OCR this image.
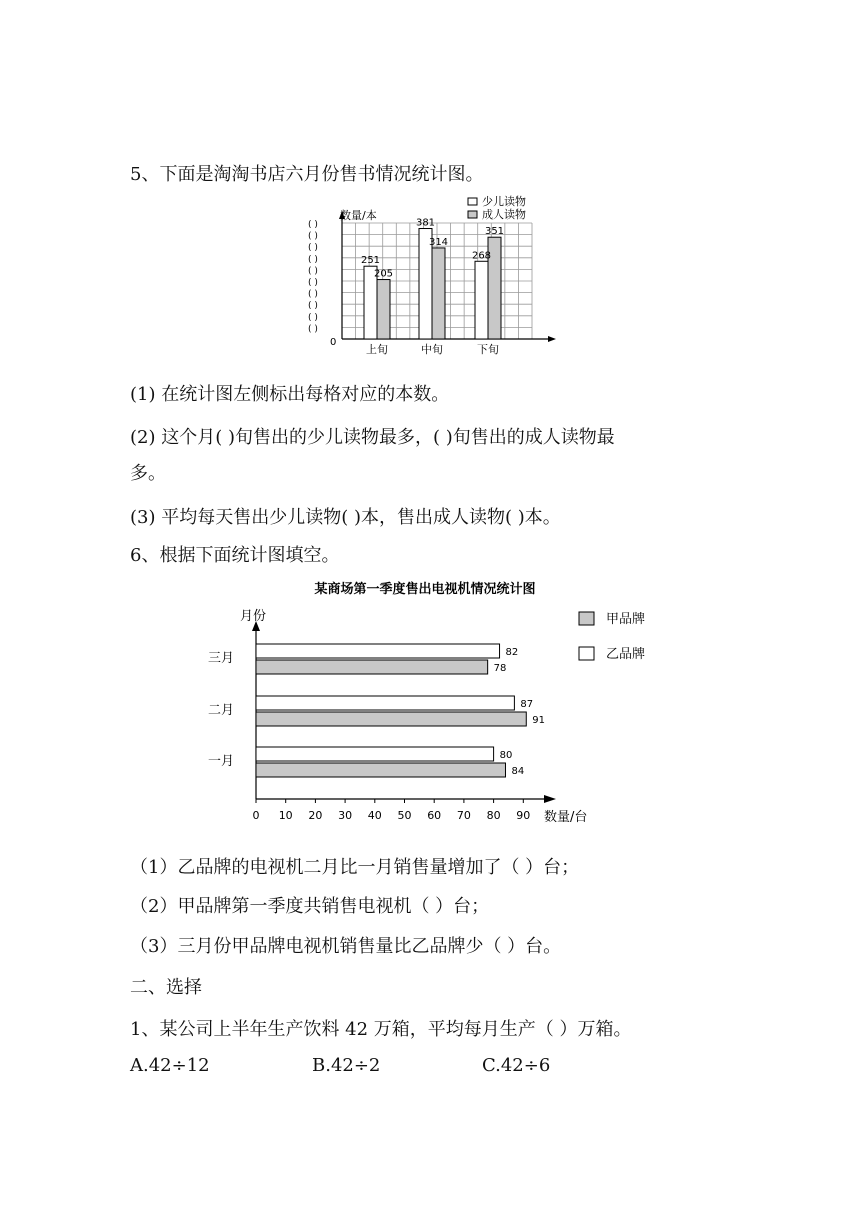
5、下面是淘淘书店六月份售书情况统计图。
数量/本
0
( )
( )
( )
( )
( )
( )
( )
( )
( )
( )
251
205
上旬
381
314
中旬
268
351
下旬
少儿读物
成人读物
(1) 在统计图左侧标出每格对应的本数。
(2) 这个月( )旬售出的少儿读物最多，( )旬售出的成人读物最
多。
(3) 平均每天售出少儿读物( )本，售出成人读物( )本。
6、根据下面统计图填空。
某商场第一季度售出电视机情况统计图
月份
0 10 20 30 40 50 60 70 80 90 数量/台
82
78
三月
87
91
二月
80
84
一月
甲品牌
乙品牌
（1）乙品牌的电视机二月比一月销售量增加了（ ）台；
（2）甲品牌第一季度共销售电视机（ ）台；
（3）三月份甲品牌电视机销售量比乙品牌少（ ）台。
二、选择
1、某公司上半年生产饮料 42 万箱，平均每月生产（ ）万箱。
A.42÷12	B.42÷2	C.42÷6
